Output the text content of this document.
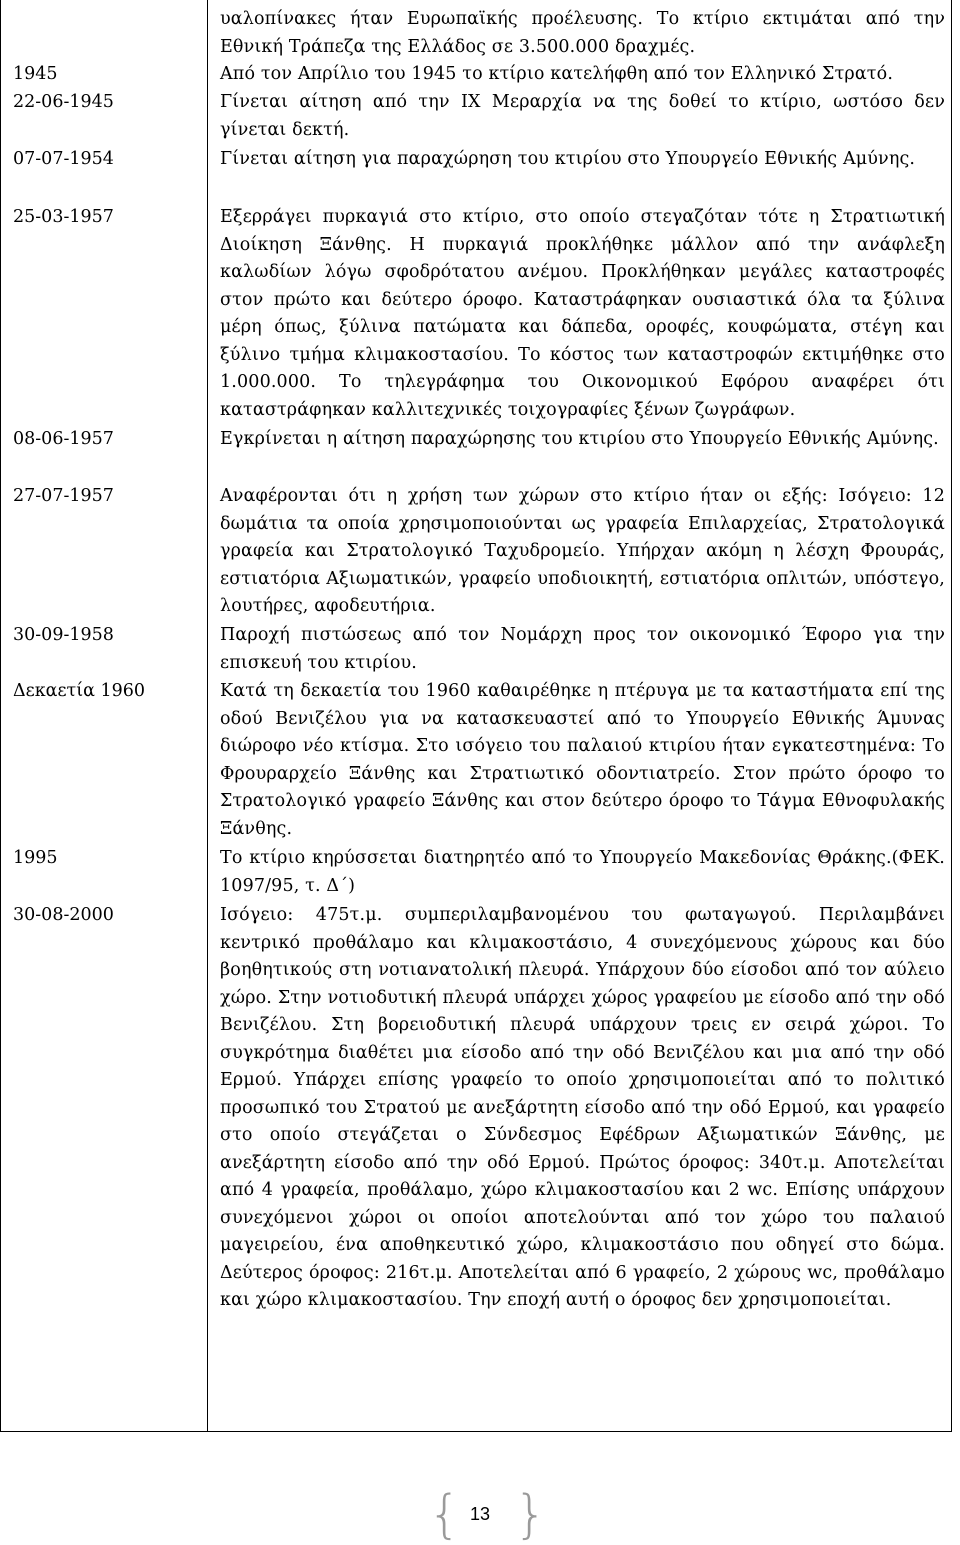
υαλοπίνακες ήταν Ευρωπαϊκής προέλευσης. Το κτίριο εκτιμάται από την Εθνική Τράπεζα της Ελλάδος σε 3.500.000 δραχμές.
1945	Από τον Απρίλιο του 1945 το κτίριο κατελήφθη από τον Ελληνικό Στρατό.
22-06-1945	Γίνεται αίτηση από την IX Μεραρχία να της δοθεί το κτίριο, ωστόσο δεν γίνεται δεκτή.
07-07-1954	Γίνεται αίτηση για παραχώρηση του κτιρίου στο Υπουργείο Εθνικής Αμύνης.
25-03-1957	Εξερράγει πυρκαγιά στο κτίριο, στο οποίο στεγαζόταν τότε η Στρατιωτική Διοίκηση Ξάνθης. Η πυρκαγιά προκλήθηκε μάλλον από την ανάφλεξη καλωδίων λόγω σφοδρότατου ανέμου. Προκλήθηκαν μεγάλες καταστροφές στον πρώτο και δεύτερο όροφο. Καταστράφηκαν ουσιαστικά όλα τα ξύλινα μέρη όπως, ξύλινα πατώματα και δάπεδα, οροφές, κουφώματα, στέγη και ξύλινο τμήμα κλιμακοστασίου. Το κόστος των καταστροφών εκτιμήθηκε στο 1.000.000. Το τηλεγράφημα του Οικονομικού Εφόρου αναφέρει ότι καταστράφηκαν καλλιτεχνικές τοιχογραφίες ξένων ζωγράφων.
08-06-1957	Εγκρίνεται η αίτηση παραχώρησης του κτιρίου στο Υπουργείο Εθνικής Αμύνης.
27-07-1957	Αναφέρονται ότι η χρήση των χώρων στο κτίριο ήταν οι εξής: Ισόγειο: 12 δωμάτια τα οποία χρησιμοποιούνται ως γραφεία Επιλαρχείας, Στρατολογικά γραφεία και Στρατολογικό Ταχυδρομείο. Υπήρχαν ακόμη η λέσχη Φρουράς, εστιατόρια Αξιωματικών, γραφείο υποδιοικητή, εστιατόρια οπλιτών, υπόστεγο, λουτήρες, αφοδευτήρια.
30-09-1958	Παροχή πιστώσεως από τον Νομάρχη προς τον οικονομικό Έφορο για την επισκευή του κτιρίου.
Δεκαετία 1960	Κατά τη δεκαετία του 1960 καθαιρέθηκε η πτέρυγα με τα καταστήματα επί της οδού Βενιζέλου για να κατασκευαστεί από το Υπουργείο Εθνικής Άμυνας διώροφο νέο κτίσμα. Στο ισόγειο του παλαιού κτιρίου ήταν εγκατεστημένα: Το Φρουραρχείο Ξάνθης και Στρατιωτικό οδοντιατρείο. Στον πρώτο όροφο το Στρατολογικό γραφείο Ξάνθης και στον δεύτερο όροφο το Τάγμα Εθνοφυλακής Ξάνθης.
1995	Το κτίριο κηρύσσεται διατηρητέο από το Υπουργείο Μακεδονίας Θράκης.(ΦΕΚ. 1097/95, τ. Δ΄)
30-08-2000	Ισόγειο: 475τ.μ. συμπεριλαμβανομένου του φωταγωγού. Περιλαμβάνει κεντρικό προθάλαμο και κλιμακοστάσιο, 4 συνεχόμενους χώρους και δύο βοηθητικούς στη νοτιανατολική πλευρά. Υπάρχουν δύο είσοδοι από τον αύλειο χώρο. Στην νοτιοδυτική πλευρά υπάρχει χώρος γραφείου με είσοδο από την οδό Βενιζέλου. Στη βορειοδυτική πλευρά υπάρχουν τρεις εν σειρά χώροι. Το συγκρότημα διαθέτει μια είσοδο από την οδό Βενιζέλου και μια από την οδό Ερμού. Υπάρχει επίσης γραφείο το οποίο χρησιμοποιείται από το πολιτικό προσωπικό του Στρατού με ανεξάρτητη είσοδο από την οδό Ερμού, και γραφείο στο οποίο στεγάζεται ο Σύνδεσμος Εφέδρων Αξιωματικών Ξάνθης, με ανεξάρτητη είσοδο από την οδό Ερμού. Πρώτος όροφος: 340τ.μ. Αποτελείται από 4 γραφεία, προθάλαμο, χώρο κλιμακοστασίου και 2 wc. Επίσης υπάρχουν συνεχόμενοι χώροι οι οποίοι αποτελούνται από τον χώρο του παλαιού μαγειρείου, ένα αποθηκευτικό χώρο, κλιμακοστάσιο που οδηγεί στο δώμα. Δεύτερος όροφος: 216τ.μ. Αποτελείται από 6 γραφείο, 2 χώρους wc, προθάλαμο και χώρο κλιμακοστασίου. Την εποχή αυτή ο όροφος δεν χρησιμοποιείται.
{ 13 }
